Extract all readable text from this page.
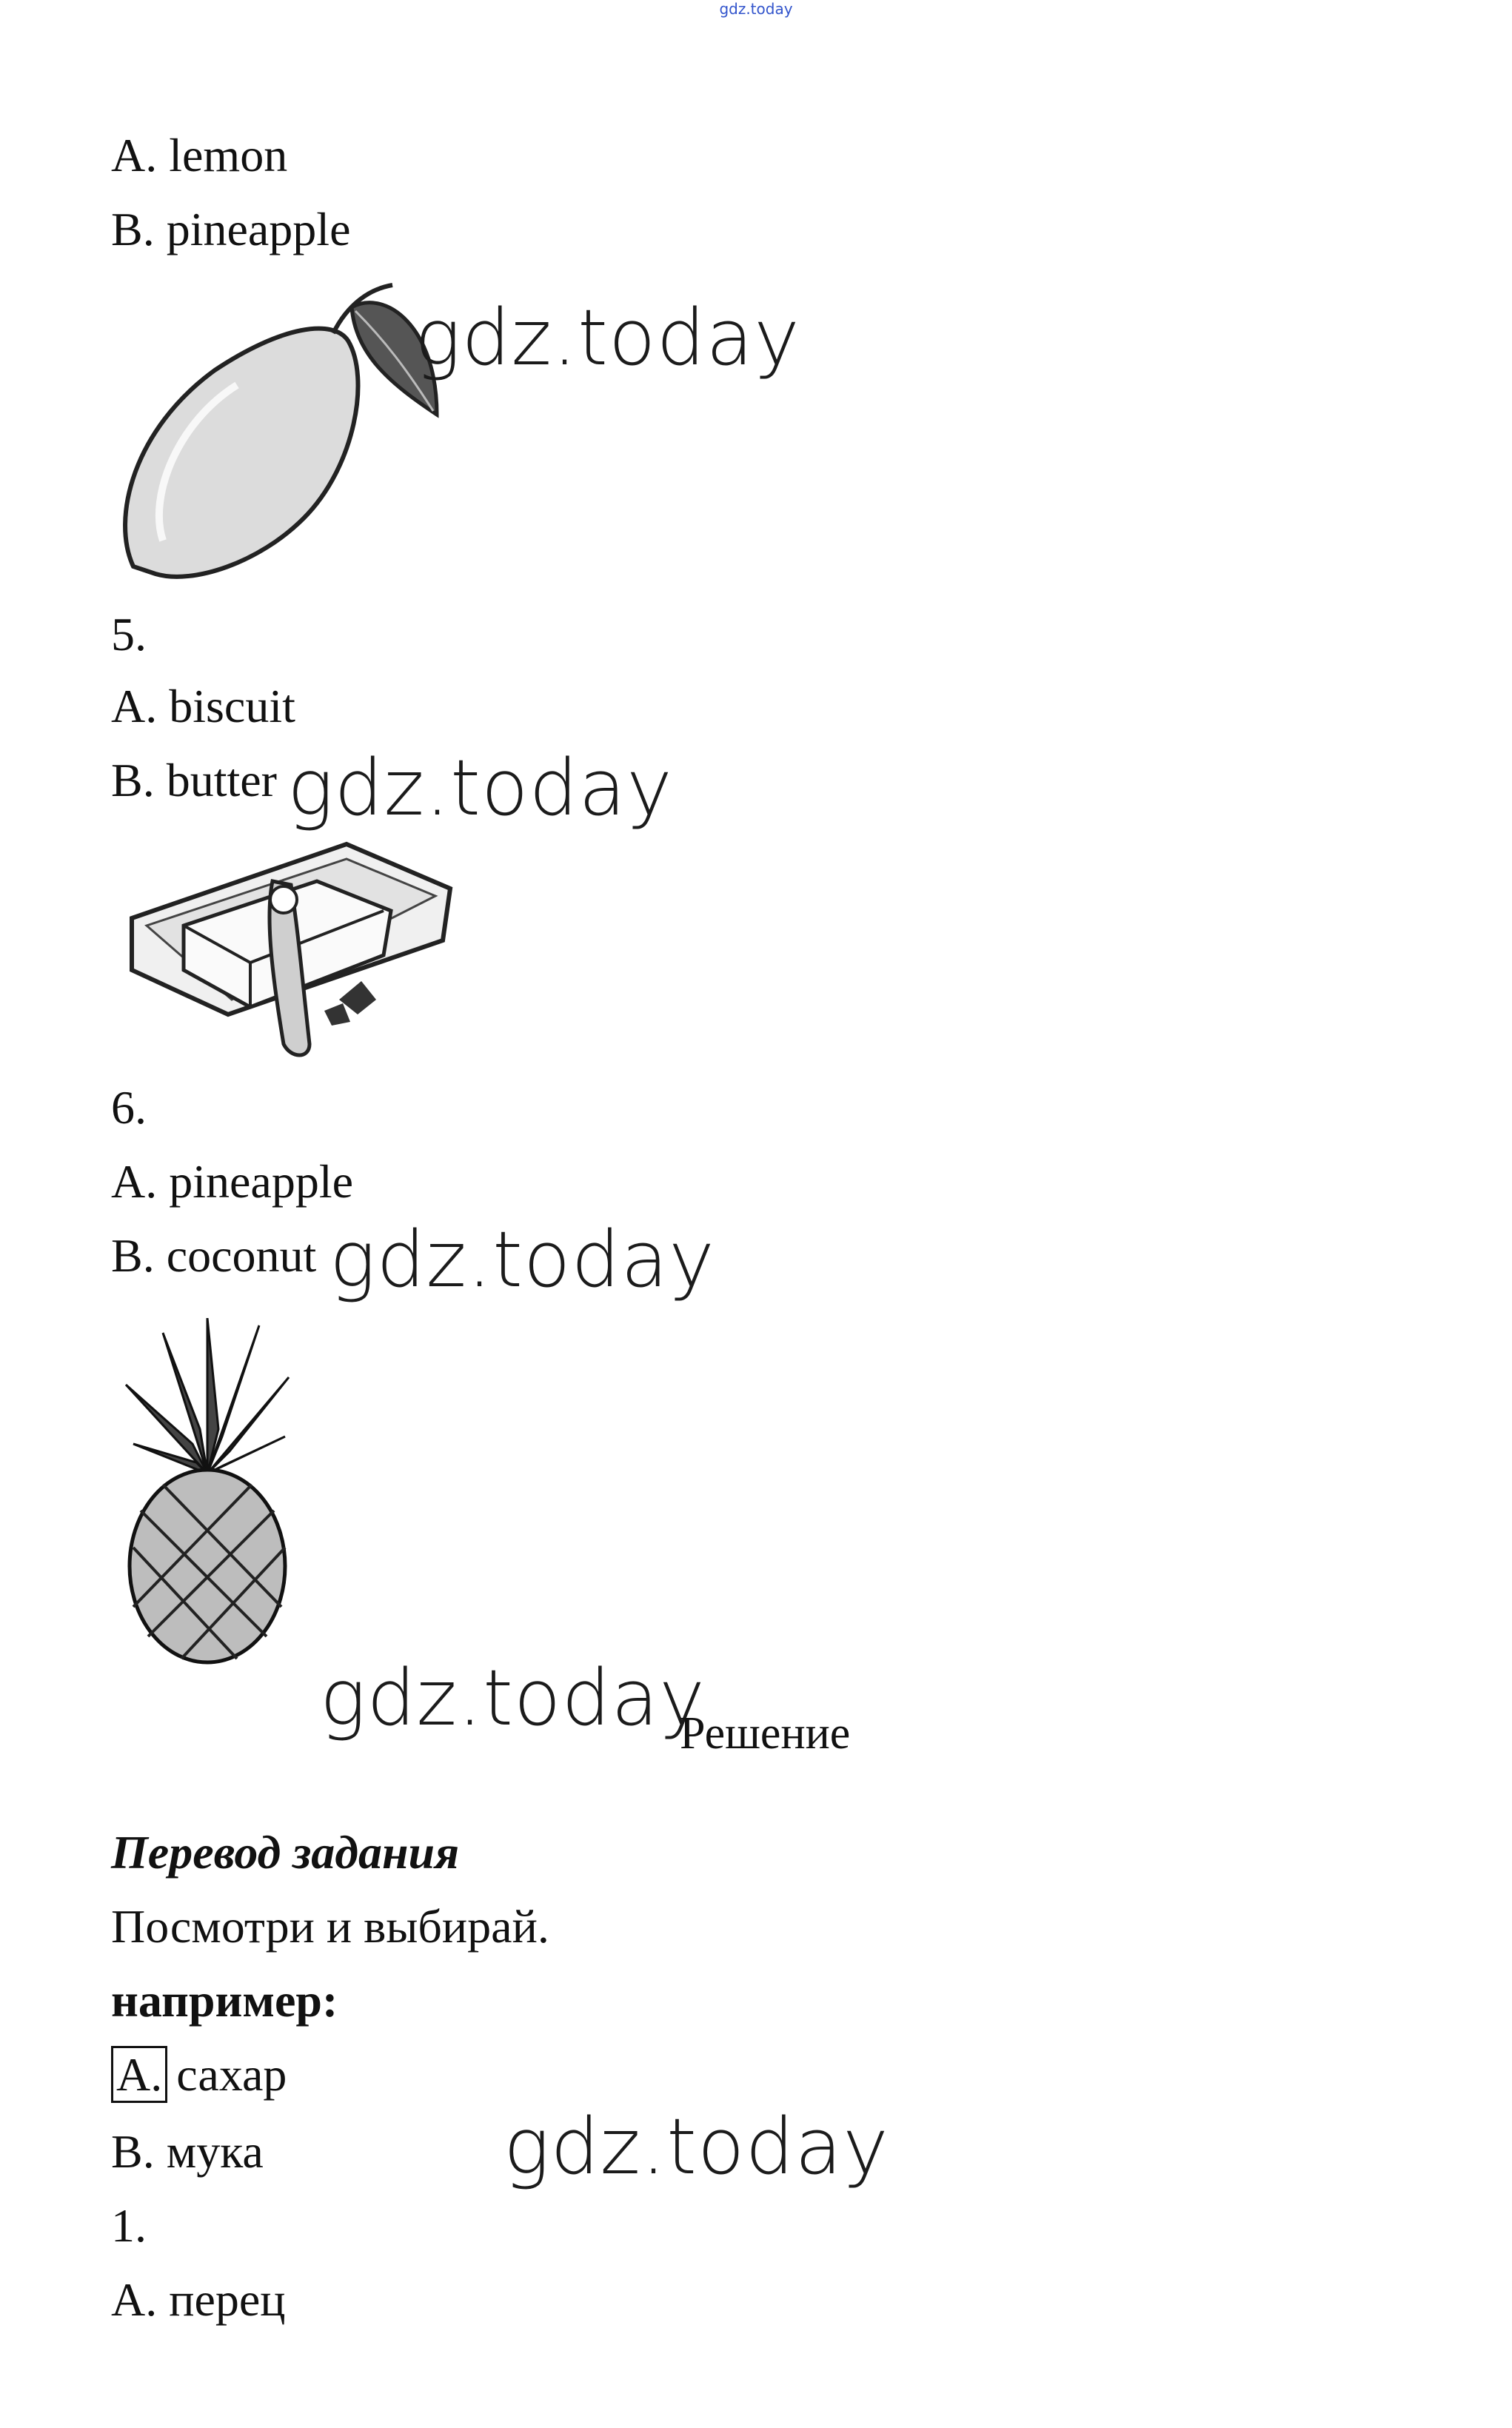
gdz.today
A. lemon
B. pineapple
gdz.today
5.
A. biscuit
B. butter gdz.today
6.
A. pineapple
B. coconut gdz.today
gdz.today
Решение
Перевод задания
Посмотри и выбирай.
например:
A. сахар
B. мука	gdz.today
1.
A. перец
